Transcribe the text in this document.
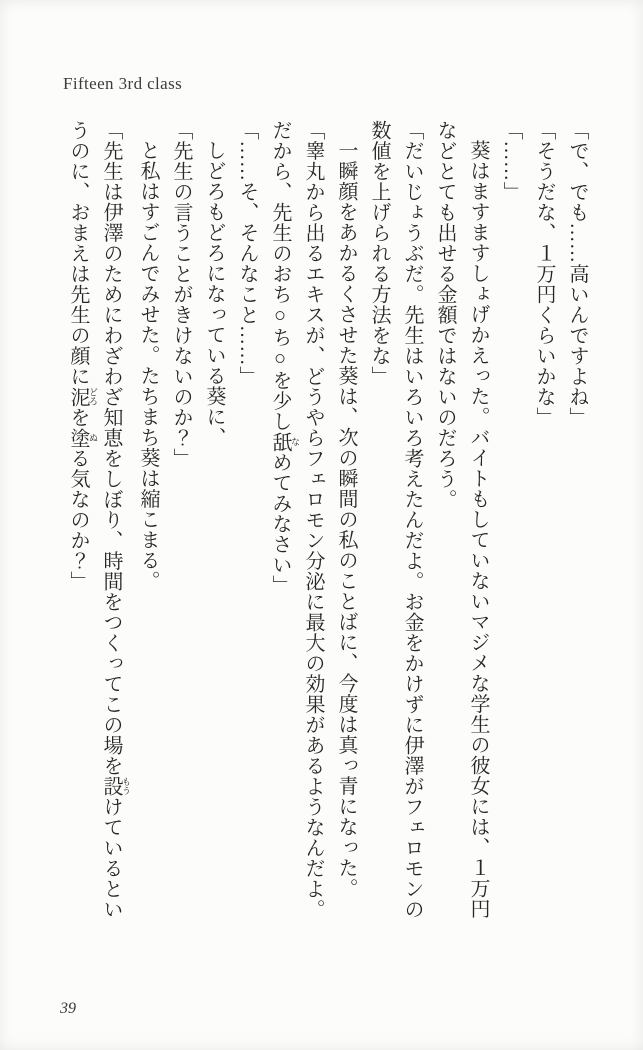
Fifteen 3rd class

「で、でも……高いんですよね」

「そうだな、１万円くらいかな」

「……」

葵はますますしょげかえった。バイトもしていないマジメな学生の彼女には、１万円などとても出せる金額ではないのだろう。

「だいじょうぶだ。先生はいろいろ考えたんだよ。お金をかけずに伊澤がフェロモンの数値を上げられる方法をな」

一瞬顔をあかるくさせた葵は、次の瞬間の私のことばに、今度は真っ青になった。

「睾丸から出るエキスが、どうやらフェロモン分泌に最大の効果があるようなんだよ。だから、先生のおち○ち○を少し舐 なめてみなさい」

「……そ、そんなこと……」

しどろもどろになっている葵に、

「先生の言うことがきけないのか？」

と私はすごんでみせた。たちまち葵は縮こまる。

「先生は伊澤のためにわざわざ知恵をしぼり、時間をつくってこの場を設 もうけているというのに、おまえは先生の顔に泥 どろを塗 ぬる気なのか？」

39
